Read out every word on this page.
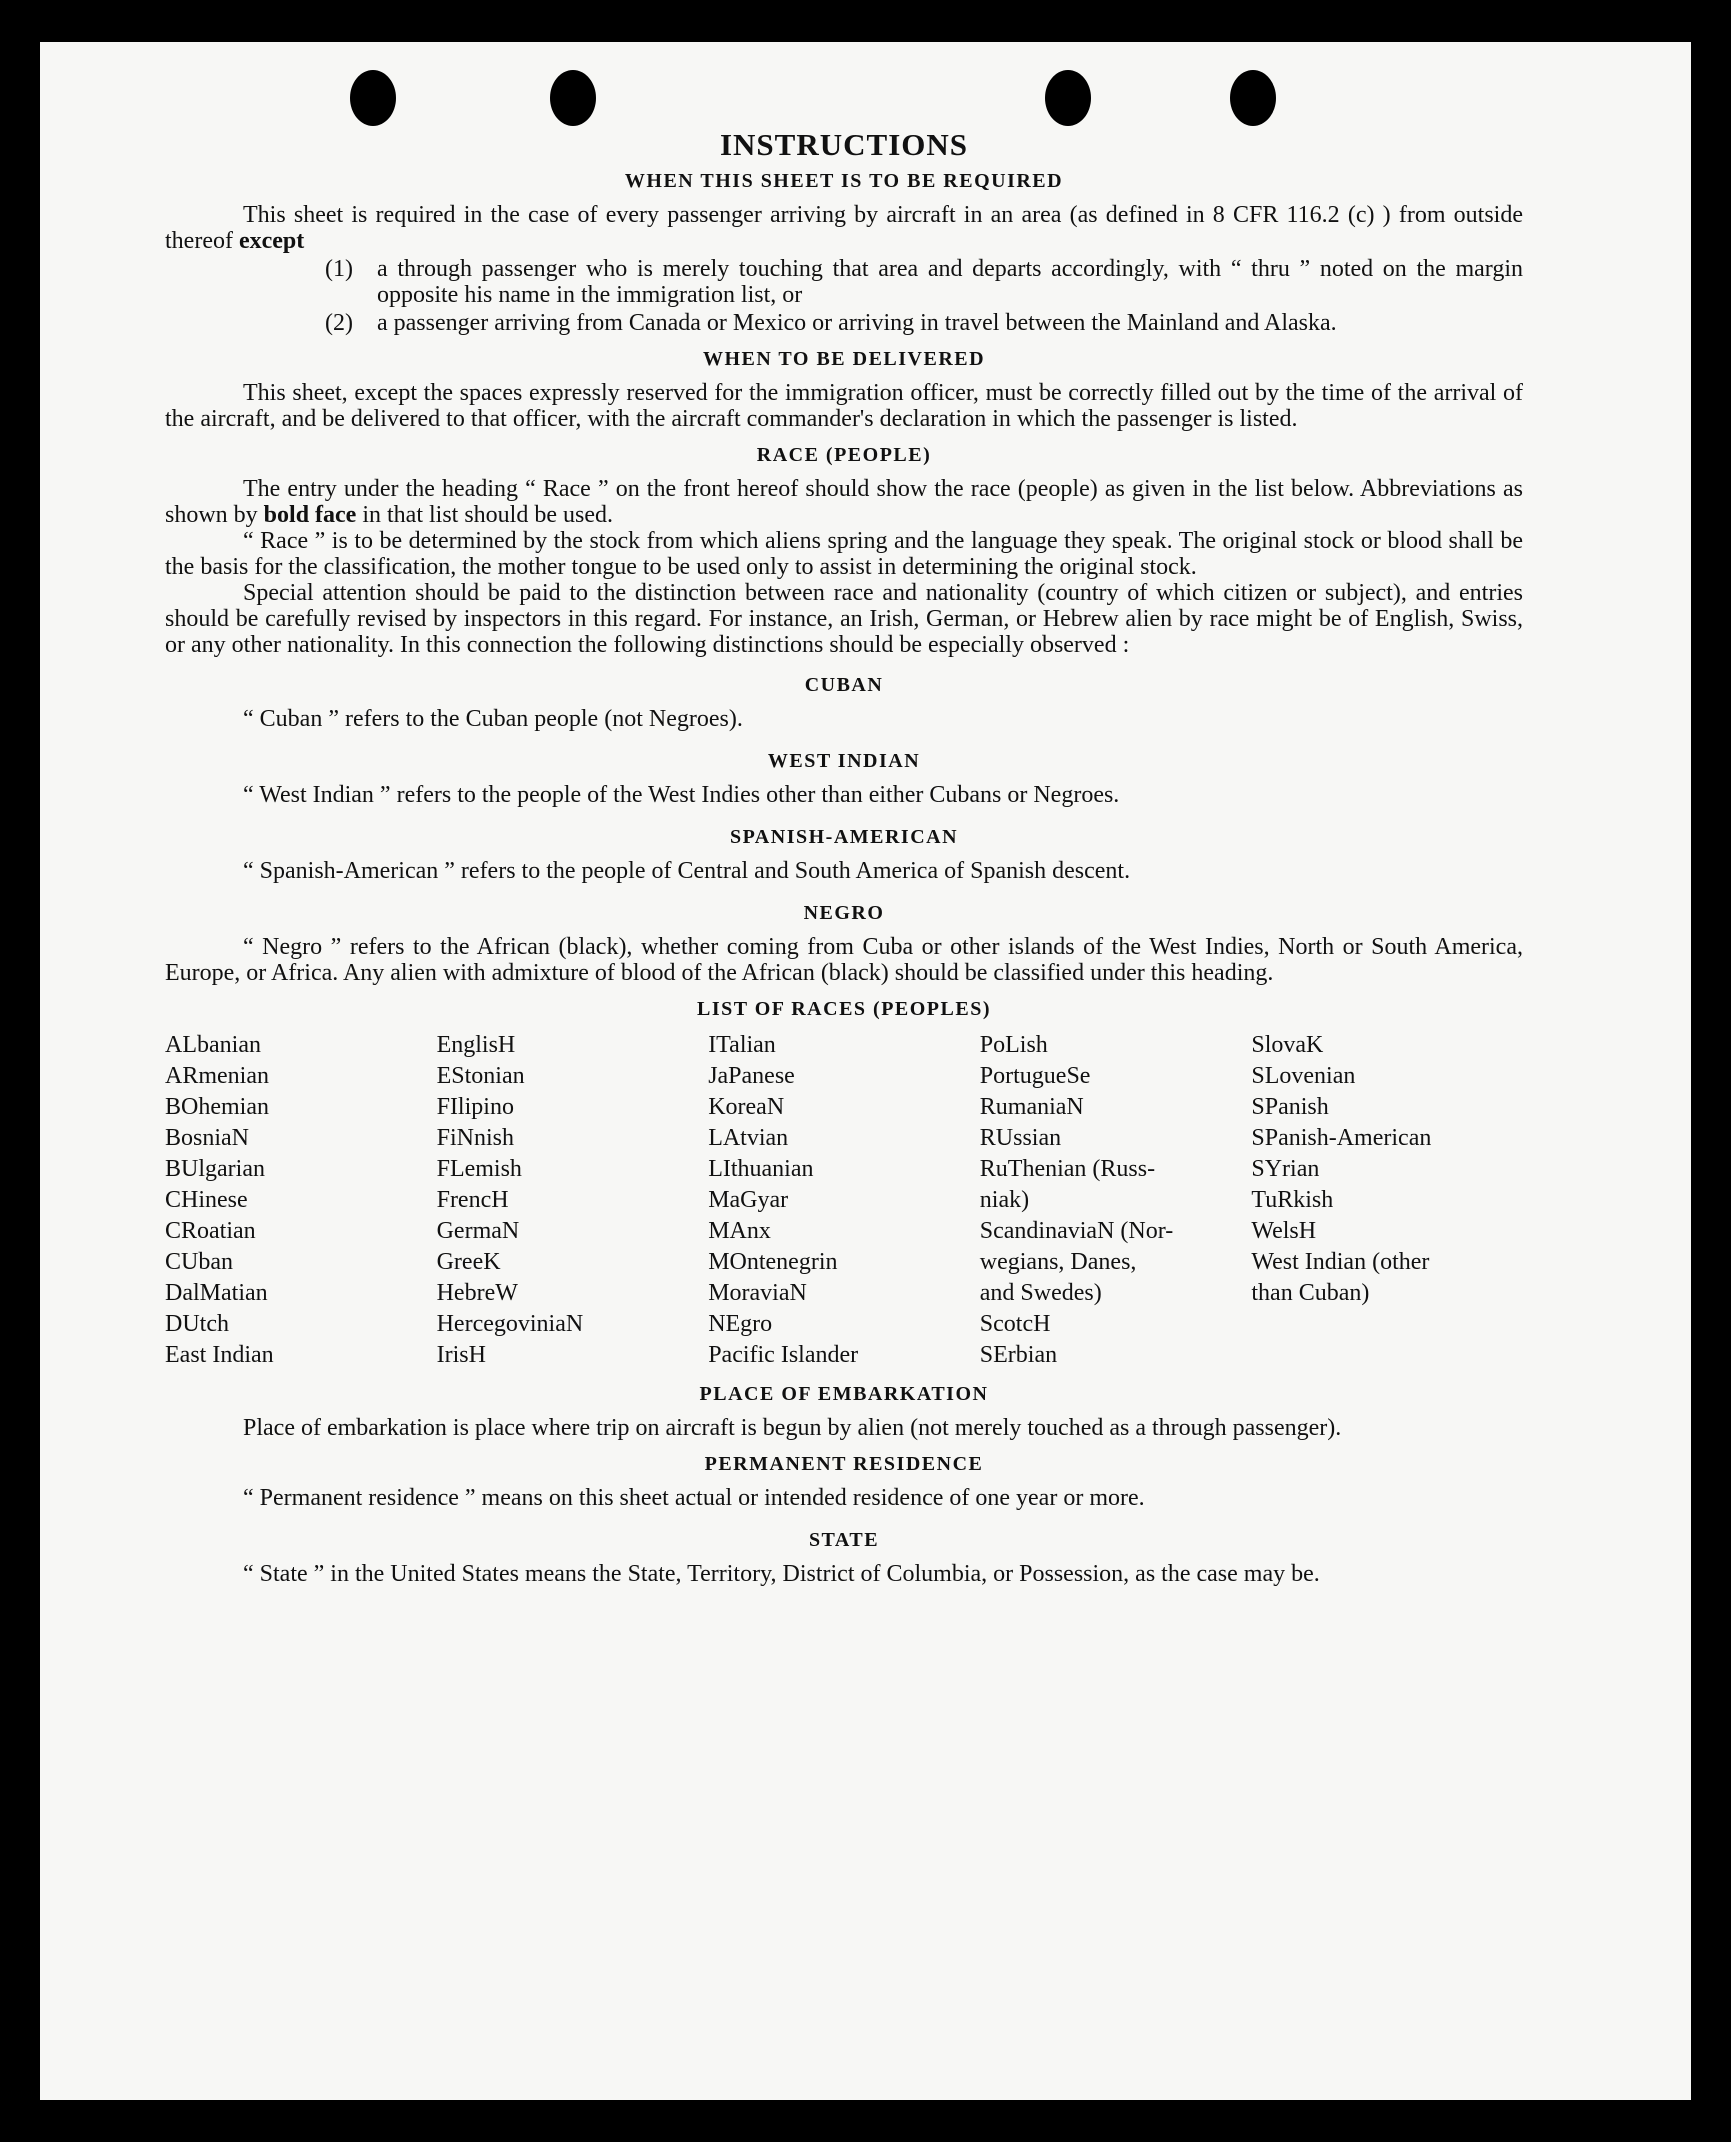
INSTRUCTIONS
WHEN THIS SHEET IS TO BE REQUIRED

This sheet is required in the case of every passenger arriving by aircraft in an area (as defined in 8 CFR 116.2 (c) ) from outside thereof except

(1)	a through passenger who is merely touching that area and departs accordingly, with “ thru ” noted on the margin opposite his name in the immigration list, or
(2)	a passenger arriving from Canada or Mexico or arriving in travel between the Mainland and Alaska.
WHEN TO BE DELIVERED

This sheet, except the spaces expressly reserved for the immigration officer, must be correctly filled out by the time of the arrival of the aircraft, and be delivered to that officer, with the aircraft commander's declaration in which the passenger is listed.

RACE (PEOPLE)

The entry under the heading “ Race ” on the front hereof should show the race (people) as given in the list below. Abbreviations as shown by bold face in that list should be used.

“ Race ” is to be determined by the stock from which aliens spring and the language they speak. The original stock or blood shall be the basis for the classification, the mother tongue to be used only to assist in determining the original stock.

Special attention should be paid to the distinction between race and nationality (country of which citizen or subject), and entries should be carefully revised by inspectors in this regard. For instance, an Irish, German, or Hebrew alien by race might be of English, Swiss, or any other nationality. In this connection the following distinctions should be especially observed :

CUBAN

“ Cuban ” refers to the Cuban people (not Negroes).

WEST INDIAN

“ West Indian ” refers to the people of the West Indies other than either Cubans or Negroes.

SPANISH-AMERICAN

“ Spanish-American ” refers to the people of Central and South America of Spanish descent.

NEGRO

“ Negro ” refers to the African (black), whether coming from Cuba or other islands of the West Indies, North or South America, Europe, or Africa. Any alien with admixture of blood of the African (black) should be classified under this heading.

LIST OF RACES (PEOPLES)
ALbanian
ARmenian
BOhemian
BosniaN
BUlgarian
CHinese
CRoatian
CUban
DalMatian
DUtch
East Indian
EnglisH
EStonian
FIlipino
FiNnish
FLemish
FrencH
GermaN
GreeK
HebreW
HercegoviniaN
IrisH
ITalian
JaPanese
KoreaN
LAtvian
LIthuanian
MaGyar
MAnx
MOntenegrin
MoraviaN
NEgro
Pacific Islander
PoLish
PortugueSe
RumaniaN
RUssian
RuThenian (Russ-
niak)
ScandinaviaN (Nor-
wegians, Danes,
and Swedes)
ScotcH
SErbian
SlovaK
SLovenian
SPanish
SPanish-American
SYrian
TuRkish
WelsH
West Indian (other
than Cuban)
PLACE OF EMBARKATION

Place of embarkation is place where trip on aircraft is begun by alien (not merely touched as a through passenger).

PERMANENT RESIDENCE

“ Permanent residence ” means on this sheet actual or intended residence of one year or more.

STATE

“ State ” in the United States means the State, Territory, District of Columbia, or Possession, as the case may be.
